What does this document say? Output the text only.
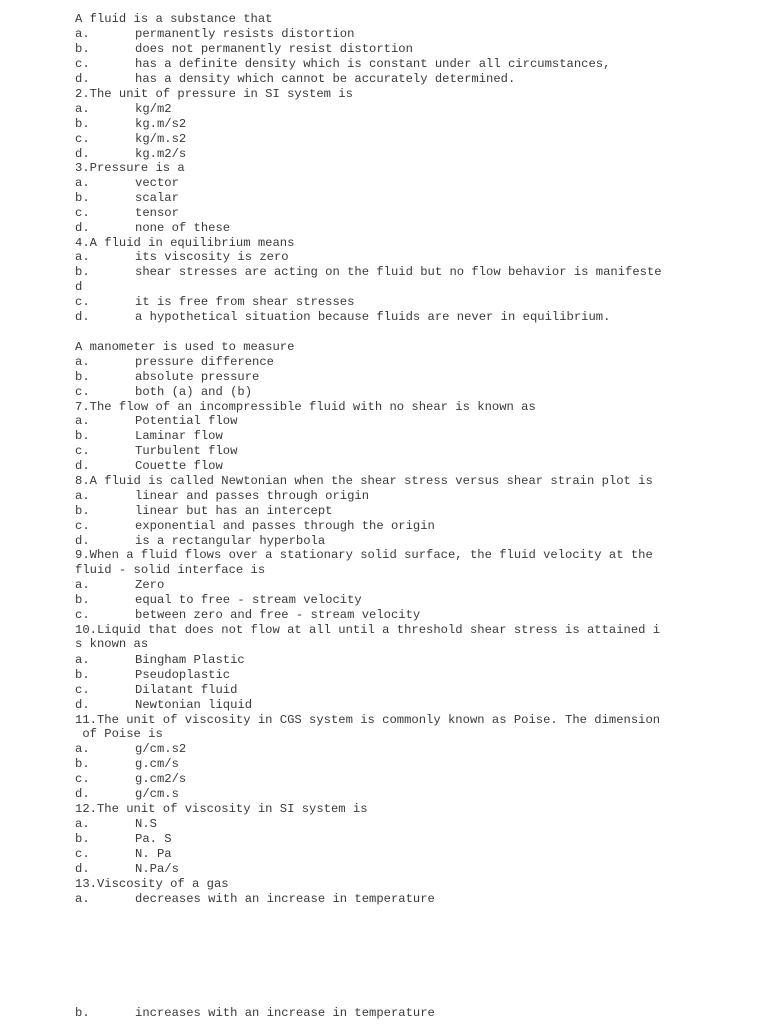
A fluid is a substance that
a.	permanently resists distortion
b.	does not permanently resist distortion
c.	has a definite density which is constant under all circumstances,
d.	has a density which cannot be accurately determined.
2.The unit of pressure in SI system is
a.	kg/m2
b.	kg.m/s2
c.	kg/m.s2
d.	kg.m2/s
3.Pressure is a
a.	vector
b.	scalar
c.	tensor
d.	none of these
4.A fluid in equilibrium means
a.	its viscosity is zero
b.	shear stresses are acting on the fluid but no flow behavior is manifeste
d
c.	it is free from shear stresses
d.	a hypothetical situation because fluids are never in equilibrium.
A manometer is used to measure
a.	pressure difference
b.	absolute pressure
c.	both (a) and (b)
7.The flow of an incompressible fluid with no shear is known as
a.	Potential flow
b.	Laminar flow
c.	Turbulent flow
d.	Couette flow
8.A fluid is called Newtonian when the shear stress versus shear strain plot is
a.	linear and passes through origin
b.	linear but has an intercept
c.	exponential and passes through the origin
d.	is a rectangular hyperbola
9.When a fluid flows over a stationary solid surface, the fluid velocity at the
fluid - solid interface is
a.	Zero
b.	equal to free - stream velocity
c.	between zero and free - stream velocity
10.Liquid that does not flow at all until a threshold shear stress is attained i
s known as
a.	Bingham Plastic
b.	Pseudoplastic
c.	Dilatant fluid
d.	Newtonian liquid
11.The unit of viscosity in CGS system is commonly known as Poise. The dimension
of Poise is
a.	g/cm.s2
b.	g.cm/s
c.	g.cm2/s
d.	g/cm.s
12.The unit of viscosity in SI system is
a.	N.S
b.	Pa. S
c.	N. Pa
d.	N.Pa/s
13.Viscosity of a gas
a.	decreases with an increase in temperature
b.	increases with an increase in temperature
